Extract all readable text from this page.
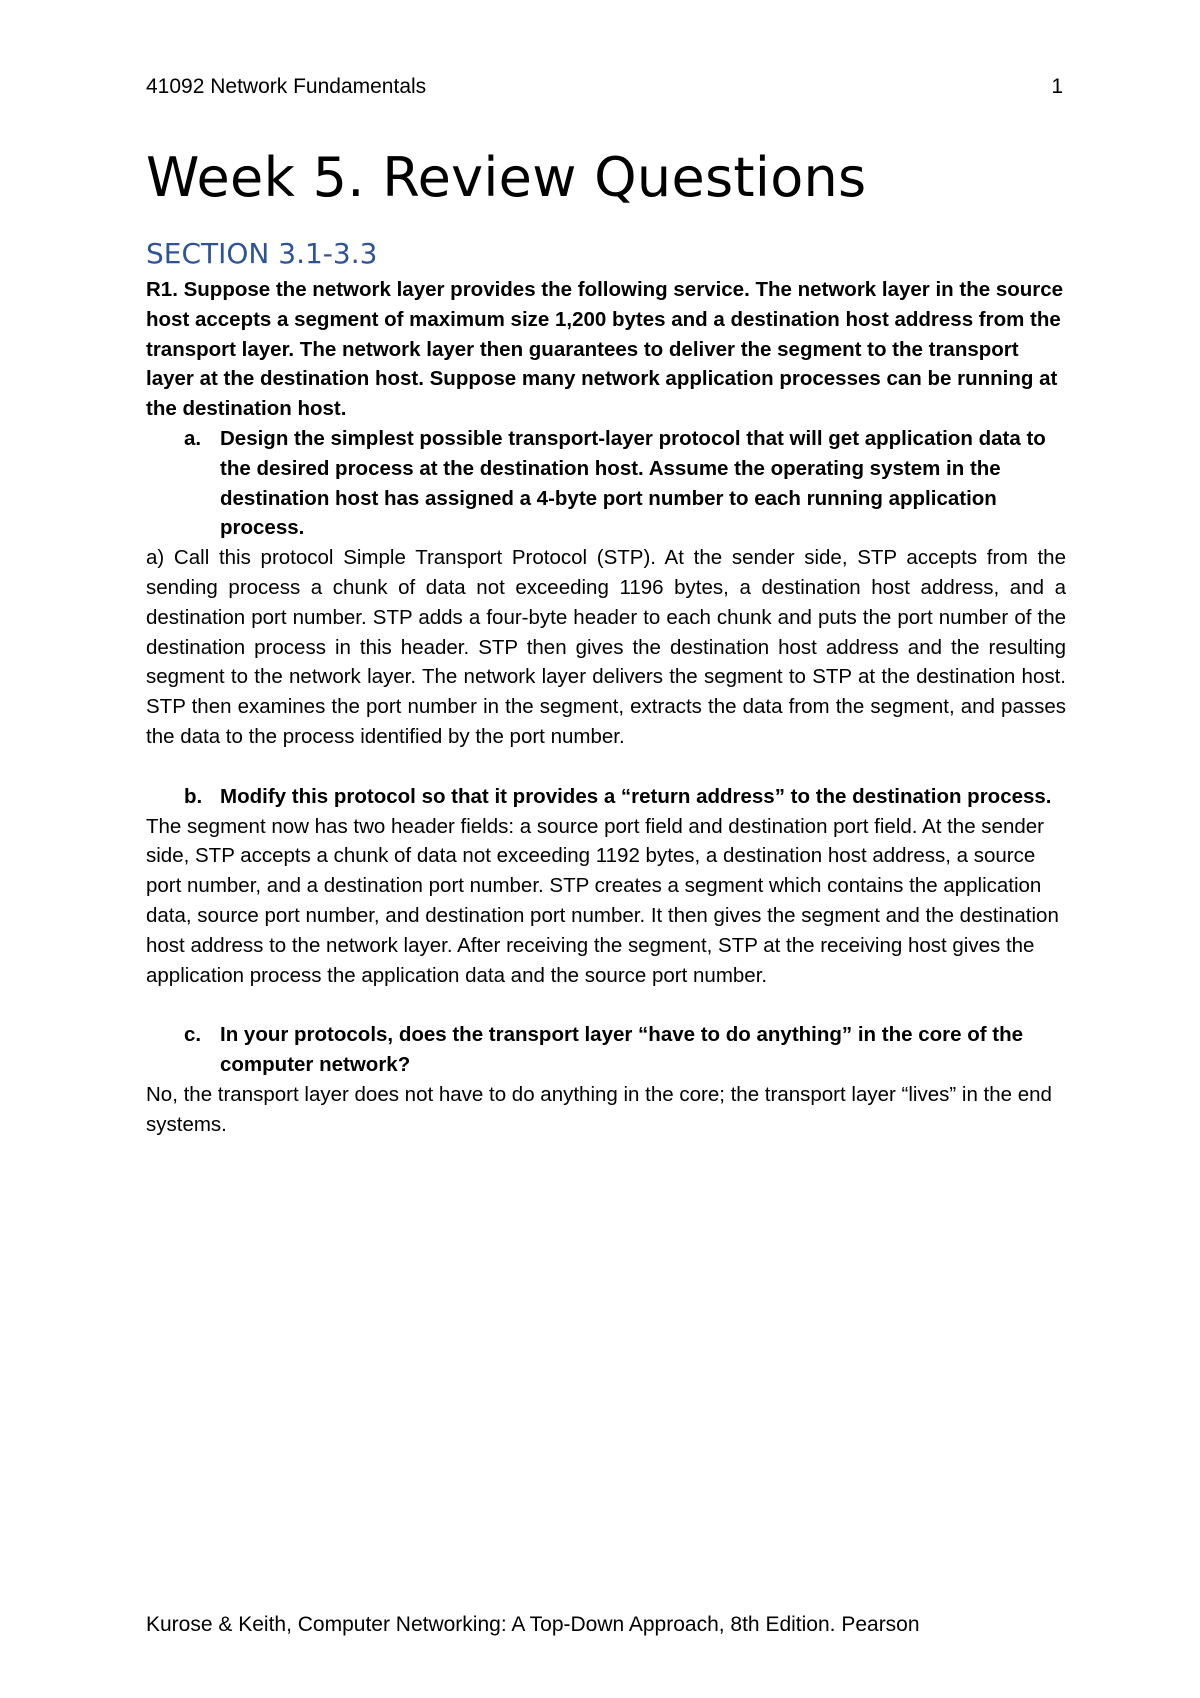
41092 Network Fundamentals	1
Week 5. Review Questions
SECTION 3.1-3.3

R1. Suppose the network layer provides the following service. The network layer in the source host accepts a segment of maximum size 1,200 bytes and a destination host address from the transport layer. The network layer then guarantees to deliver the segment to the transport layer at the destination host. Suppose many network application processes can be running at the destination host.

a. Design the simplest possible transport-layer protocol that will get application data to the desired process at the destination host. Assume the operating system in the destination host has assigned a 4-byte port number to each running application process.

a) Call this protocol Simple Transport Protocol (STP). At the sender side, STP accepts from the sending process a chunk of data not exceeding 1196 bytes, a destination host address, and a destination port number. STP adds a four-byte header to each chunk and puts the port number of the destination process in this header. STP then gives the destination host address and the resulting segment to the network layer. The network layer delivers the segment to STP at the destination host. STP then examines the port number in the segment, extracts the data from the segment, and passes the data to the process identified by the port number.

b. Modify this protocol so that it provides a “return address” to the destination process.

The segment now has two header fields: a source port field and destination port field. At the sender side, STP accepts a chunk of data not exceeding 1192 bytes, a destination host address, a source port number, and a destination port number. STP creates a segment which contains the application data, source port number, and destination port number. It then gives the segment and the destination host address to the network layer. After receiving the segment, STP at the receiving host gives the application process the application data and the source port number.

c. In your protocols, does the transport layer “have to do anything” in the core of the computer network?

No, the transport layer does not have to do anything in the core; the transport layer “lives” in the end systems.

Kurose & Keith, Computer Networking: A Top-Down Approach, 8th Edition. Pearson
